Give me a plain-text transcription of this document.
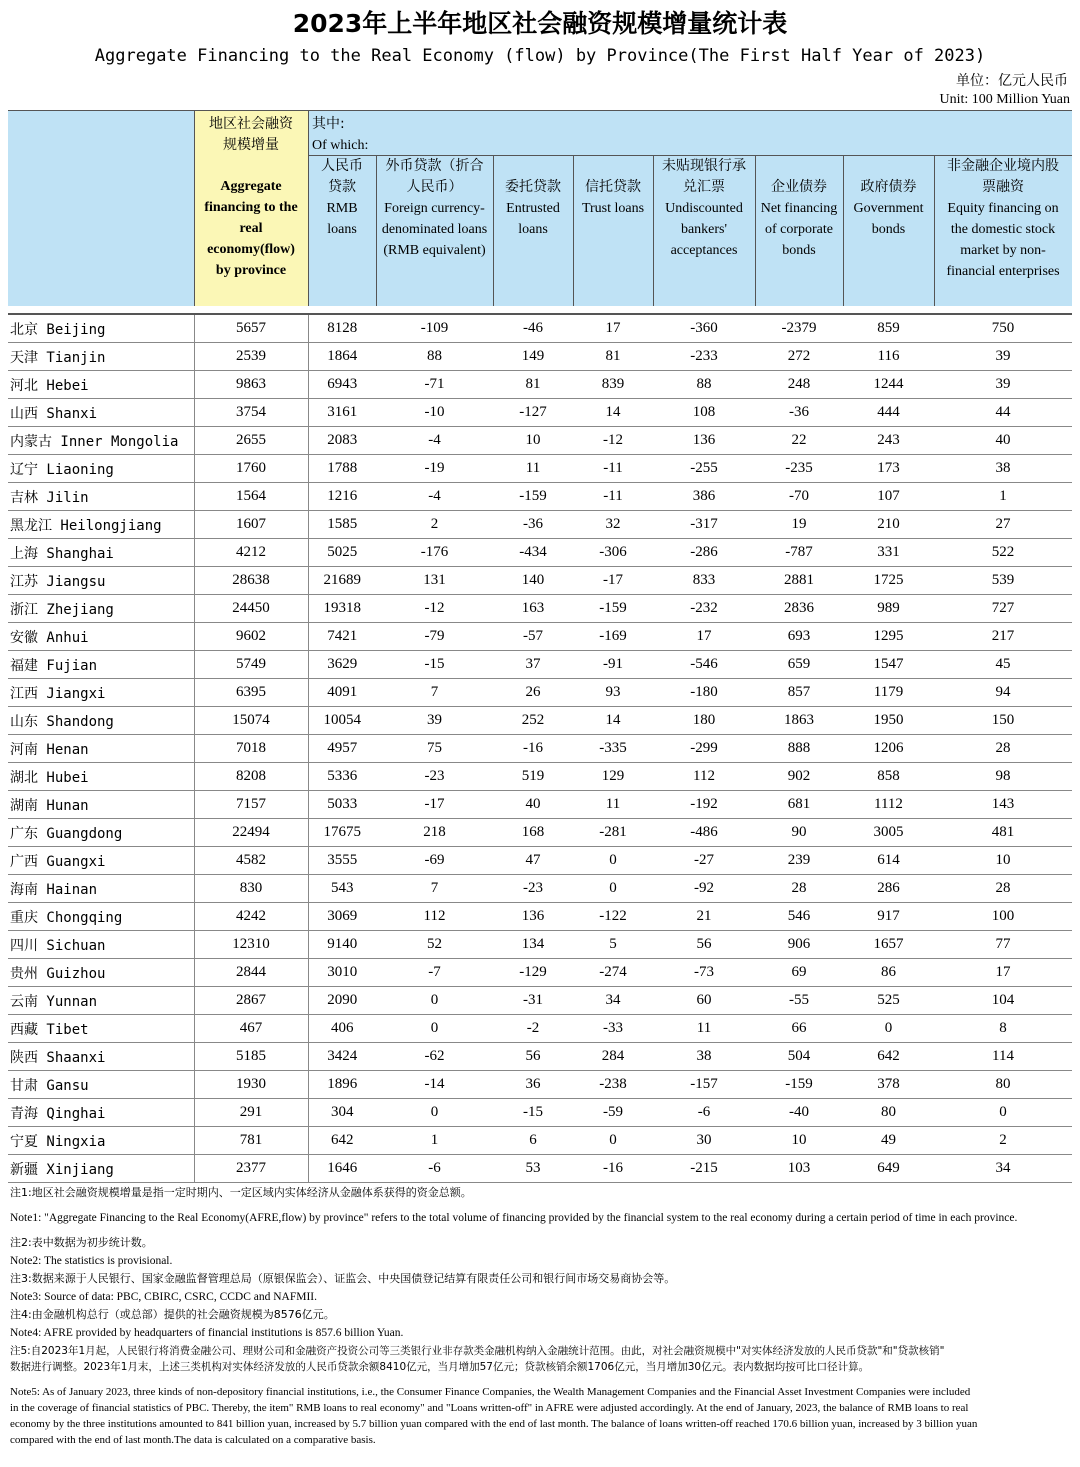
2023年上半年地区社会融资规模增量统计表
Aggregate Financing to the Real Economy (flow) by Province(The First Half Year of 2023)
单位：亿元人民币
Unit: 100 Million Yuan
地区社会融资
规模增量
Aggregate
financing to the
real
economy(flow)
by province
其中:
Of which:
人民币
贷款
RMB
loans
外币贷款（折合
人民币）
Foreign currency-
denominated loans
(RMB equivalent)
委托贷款
Entrusted
loans
信托贷款
Trust loans
未贴现银行承
兑汇票
Undiscounted
bankers'
acceptances
企业债券
Net financing
of corporate
bonds
政府债券
Government
bonds
非金融企业境内股
票融资
Equity financing on
the domestic stock
market by non-
financial enterprises
北京 Beijing	5657	8128	-109	-46	17	-360	-2379	859	750
天津 Tianjin	2539	1864	88	149	81	-233	272	116	39
河北 Hebei	9863	6943	-71	81	839	88	248	1244	39
山西 Shanxi	3754	3161	-10	-127	14	108	-36	444	44
内蒙古 Inner Mongolia	2655	2083	-4	10	-12	136	22	243	40
辽宁 Liaoning	1760	1788	-19	11	-11	-255	-235	173	38
吉林 Jilin	1564	1216	-4	-159	-11	386	-70	107	1
黑龙江 Heilongjiang	1607	1585	2	-36	32	-317	19	210	27
上海 Shanghai	4212	5025	-176	-434	-306	-286	-787	331	522
江苏 Jiangsu	28638	21689	131	140	-17	833	2881	1725	539
浙江 Zhejiang	24450	19318	-12	163	-159	-232	2836	989	727
安徽 Anhui	9602	7421	-79	-57	-169	17	693	1295	217
福建 Fujian	5749	3629	-15	37	-91	-546	659	1547	45
江西 Jiangxi	6395	4091	7	26	93	-180	857	1179	94
山东 Shandong	15074	10054	39	252	14	180	1863	1950	150
河南 Henan	7018	4957	75	-16	-335	-299	888	1206	28
湖北 Hubei	8208	5336	-23	519	129	112	902	858	98
湖南 Hunan	7157	5033	-17	40	11	-192	681	1112	143
广东 Guangdong	22494	17675	218	168	-281	-486	90	3005	481
广西 Guangxi	4582	3555	-69	47	0	-27	239	614	10
海南 Hainan	830	543	7	-23	0	-92	28	286	28
重庆 Chongqing	4242	3069	112	136	-122	21	546	917	100
四川 Sichuan	12310	9140	52	134	5	56	906	1657	77
贵州 Guizhou	2844	3010	-7	-129	-274	-73	69	86	17
云南 Yunnan	2867	2090	0	-31	34	60	-55	525	104
西藏 Tibet	467	406	0	-2	-33	11	66	0	8
陕西 Shaanxi	5185	3424	-62	56	284	38	504	642	114
甘肃 Gansu	1930	1896	-14	36	-238	-157	-159	378	80
青海 Qinghai	291	304	0	-15	-59	-6	-40	80	0
宁夏 Ningxia	781	642	1	6	0	30	10	49	2
新疆 Xinjiang	2377	1646	-6	53	-16	-215	103	649	34
注1:地区社会融资规模增量是指一定时期内、一定区域内实体经济从金融体系获得的资金总额。
Note1: "Aggregate Financing to the Real Economy(AFRE,flow) by province" refers to the total volume of financing provided by the financial system to the real economy during a certain period of time in each province.
注2:表中数据为初步统计数。
Note2: The statistics is provisional.
注3:数据来源于人民银行、国家金融监督管理总局（原银保监会）、证监会、中央国债登记结算有限责任公司和银行间市场交易商协会等。
Note3: Source of data: PBC, CBIRC, CSRC, CCDC and NAFMII.
注4:由金融机构总行（或总部）提供的社会融资规模为8576亿元。
Note4: AFRE provided by headquarters of financial institutions is 857.6 billion Yuan.
注5:自2023年1月起，人民银行将消费金融公司、理财公司和金融资产投资公司等三类银行业非存款类金融机构纳入金融统计范围。由此，对社会融资规模中"对实体经济发放的人民币贷款"和"贷款核销"
数据进行调整。2023年1月末，上述三类机构对实体经济发放的人民币贷款余额8410亿元，当月增加57亿元；贷款核销余额1706亿元，当月增加30亿元。表内数据均按可比口径计算。
Note5: As of January 2023, three kinds of non-depository financial institutions, i.e., the Consumer Finance Companies, the Wealth Management Companies and the Financial Asset Investment Companies were included
in the coverage of financial statistics of PBC. Thereby, the item" RMB loans to real economy" and "Loans written-off" in AFRE were adjusted accordingly. At the end of January, 2023, the balance of RMB loans to real
economy by the three institutions amounted to 841 billion yuan, increased by 5.7 billion yuan compared with the end of last month. The balance of loans written-off reached 170.6 billion yuan, increased by 3 billion yuan
compared with the end of last month.The data is calculated on a comparative basis.
